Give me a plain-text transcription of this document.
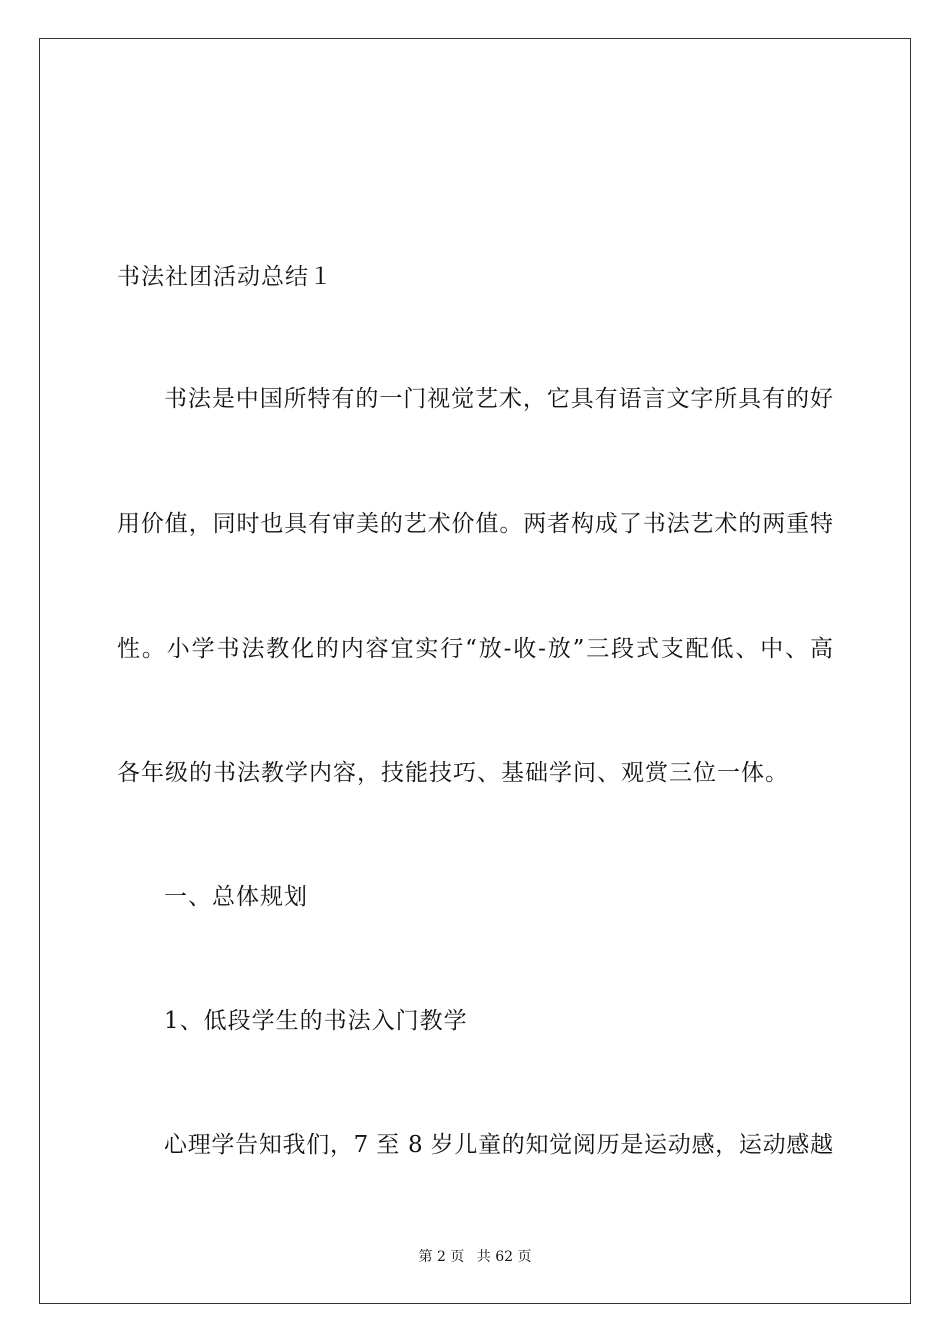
书法社团活动总结１
书法是中国所特有的一门视觉艺术，它具有语言文字所具有的好
用价值，同时也具有审美的艺术价值。两者构成了书法艺术的两重特
性。小学书法教化的内容宜实行“放-收-放”三段式支配低、中、高
各年级的书法教学内容，技能技巧、基础学问、观赏三位一体。
一、总体规划
1、低段学生的书法入门教学
心理学告知我们，7 至 8 岁儿童的知觉阅历是运动感，运动感越
第 2 页 共 62 页
